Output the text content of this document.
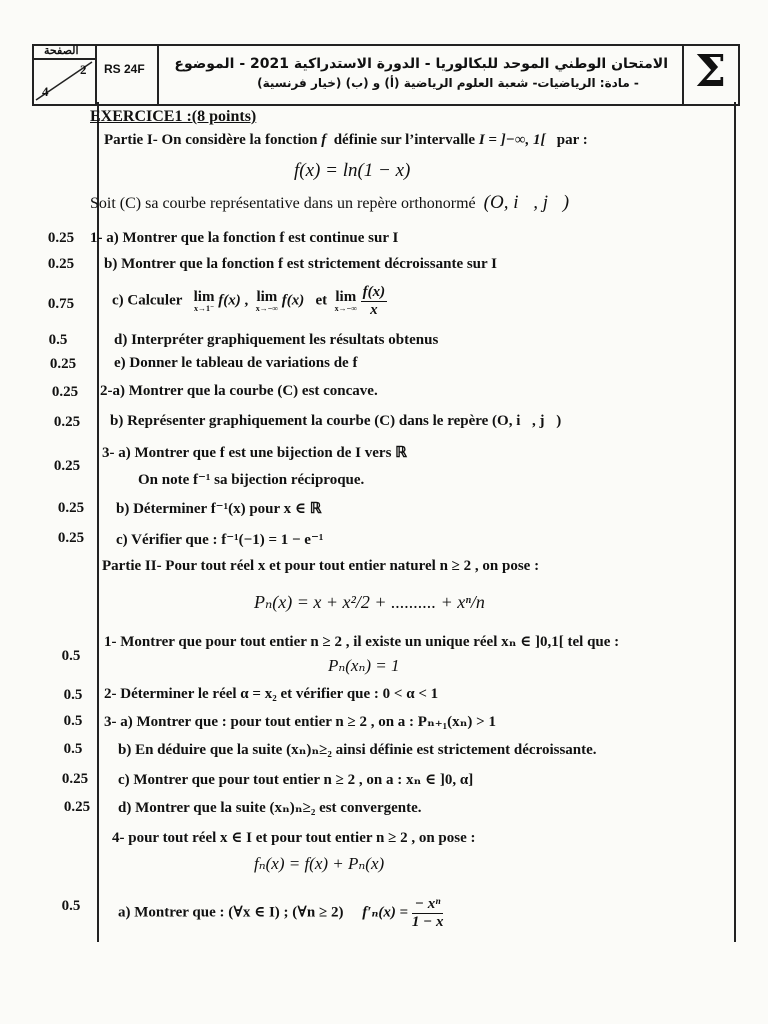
الصفحة
2
4
RS 24F الامتحان الوطني الموحد للبكالوريا - الدورة الاستدراكية 2021 - الموضوع
- مادة: الرياضيات- شعبة العلوم الرياضية (أ) و (ب) (خيار فرنسية) Σ
EXERCICE1 :(8 points)
Partie I- On considère la fonction f définie sur l’intervalle I = ]−∞, 1[ par :
f(x) = ln(1 − x)
Soit (C) sa courbe représentative dans un repère orthonormé (O, i⃗, j⃗)
0.25
0.25
0.75
0.5
0.25
0.25
0.25
0.25
0.25
0.25
0.5
0.5
0.5
0.5
0.25
0.25
0.5
1- a) Montrer que la fonction f est continue sur I
b) Montrer que la fonction f est strictement décroissante sur I
c) Calculer lim
x→1⁻ f(x) ,  lim
x→−∞ f(x) et lim
x→−∞
$\frac{f(x)}{x}$
d) Interpréter graphiquement les résultats obtenus
e) Donner le tableau de variations de f
2-a) Montrer que la courbe (C) est concave.
b) Représenter graphiquement la courbe (C) dans le repère (O, i⃗, j⃗)
3- a) Montrer que f est une bijection de I vers ℝ
On note f⁻¹ sa bijection réciproque.
b) Déterminer f⁻¹(x) pour x ∈ ℝ
c) Vérifier que : f⁻¹(−1) = 1 − e⁻¹
Partie II- Pour tout réel x et pour tout entier naturel n ≥ 2 , on pose :
Pₙ(x) = x + x²/2 + .......... + xⁿ/n
1- Montrer que pour tout entier n ≥ 2 , il existe un unique réel xₙ ∈ ]0,1[ tel que :
Pₙ(xₙ) = 1
2- Déterminer le réel α = x₂ et vérifier que : 0 < α < 1
3- a) Montrer que : pour tout entier n ≥ 2 , on a : Pₙ₊₁(xₙ) > 1
b) En déduire que la suite (xₙ)ₙ≥₂ ainsi définie est strictement décroissante.
c) Montrer que pour tout entier n ≥ 2 , on a : xₙ ∈ ]0, α]
d) Montrer que la suite (xₙ)ₙ≥₂ est convergente.
4- pour tout réel x ∈ I et pour tout entier n ≥ 2 , on pose :
fₙ(x) = f(x) + Pₙ(x)
a) Montrer que : (∀x ∈ I) ; (∀n ≥ 2) $f'_n(x) = \frac{\text{− xⁿ}}{1 - x}$
